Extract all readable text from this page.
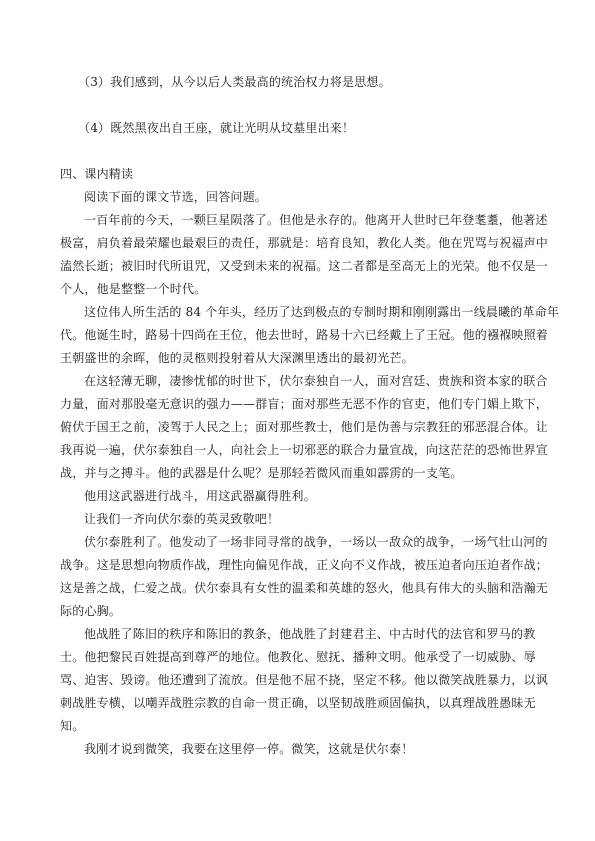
（3）我们感到，从今以后人类最高的统治权力将是思想。
（4）既然黑夜出自王座，就让光明从坟墓里出来！
四、课内精读
阅读下面的课文节选，回答问题。
一百年前的今天，一颗巨星陨落了。但他是永存的。他离开人世时已年登耄耋，他著述
极富，肩负着最荣耀也最艰巨的责任，那就是：培育良知，教化人类。他在咒骂与祝福声中
溘然长逝；被旧时代所诅咒，又受到未来的祝福。这二者都是至高无上的光荣。他不仅是一
个人，他是整整一个时代。
这位伟人所生活的 84 个年头，经历了达到极点的专制时期和刚刚露出一线晨曦的革命年
代。他诞生时，路易十四尚在王位，他去世时，路易十六已经戴上了王冠。他的襁褓映照着
王朝盛世的余晖，他的灵柩则投射着从大深渊里透出的最初光芒。
在这轻薄无聊，凄惨忧郁的时世下，伏尔泰独自一人，面对宫廷、贵族和资本家的联合
力量，面对那股毫无意识的强力——群盲；面对那些无恶不作的官吏，他们专门媚上欺下，
俯伏于国王之前，凌驾于人民之上；面对那些教士，他们是伪善与宗教狂的邪恶混合体。让
我再说一遍，伏尔泰独自一人，向社会上一切邪恶的联合力量宣战，向这茫茫的恐怖世界宣
战，并与之搏斗。他的武器是什么呢？是那轻若微风而重如霹雳的一支笔。
他用这武器进行战斗，用这武器赢得胜利。
让我们一齐向伏尔泰的英灵致敬吧！
伏尔泰胜利了。他发动了一场非同寻常的战争，一场以一敌众的战争，一场气壮山河的
战争。这是思想向物质作战，理性向偏见作战，正义向不义作战，被压迫者向压迫者作战；
这是善之战，仁爱之战。伏尔泰具有女性的温柔和英雄的怒火，他具有伟大的头脑和浩瀚无
际的心胸。
他战胜了陈旧的秩序和陈旧的教条，他战胜了封建君主、中古时代的法官和罗马的教
士。他把黎民百姓提高到尊严的地位。他教化、慰抚、播种文明。他承受了一切威胁、辱
骂、迫害、毁谤。他还遭到了流放。但是他不屈不挠，坚定不移。他以微笑战胜暴力，以讽
刺战胜专横，以嘲弄战胜宗教的自命一贯正确，以坚韧战胜顽固偏执，以真理战胜愚昧无
知。
我刚才说到微笑，我要在这里停一停。微笑，这就是伏尔泰！
